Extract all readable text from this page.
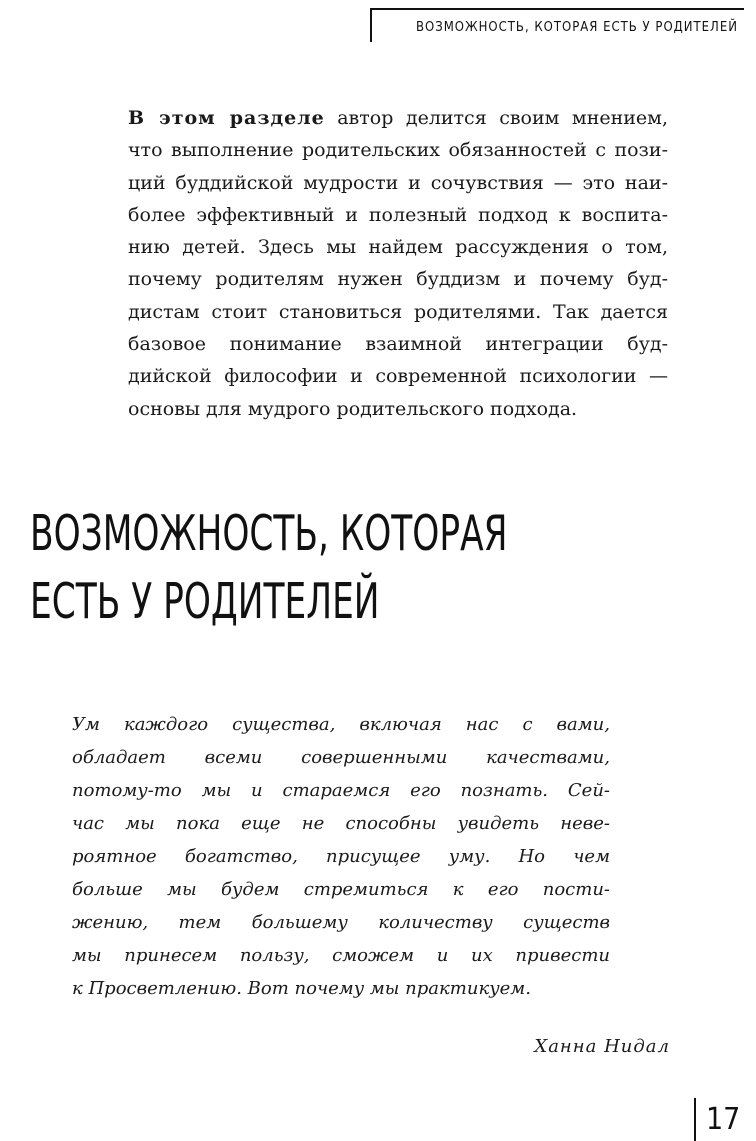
ВОЗМОЖНОСТЬ, КОТОРАЯ ЕСТЬ У РОДИТЕЛЕЙ

В этом разделе автор делится своим мнением,
что выполнение родительских обязанностей с пози-
ций буддийской мудрости и сочувствия — это наи-
более эффективный и полезный подход к воспита-
нию детей. Здесь мы найдем рассуждения о том,
почему родителям нужен буддизм и почему буд-
дистам стоит становиться родителями. Так дается
базовое понимание взаимной интеграции буд-
дийской философии и современной психологии —
основы для мудрого родительского подхода.

ВОЗМОЖНОСТЬ, КОТОРАЯ
ЕСТЬ У РОДИТЕЛЕЙ
Ум каждого существа, включая нас с вами,
обладает всеми совершенными качествами,
потому-то мы и стараемся его познать. Сей-
час мы пока еще не способны увидеть неве-
роятное богатство, присущее уму. Но чем
больше мы будем стремиться к его пости-
жению, тем большему количеству существ
мы принесем пользу, сможем и их привести
к Просветлению. Вот почему мы практикуем.
Ханна Нидал
17
